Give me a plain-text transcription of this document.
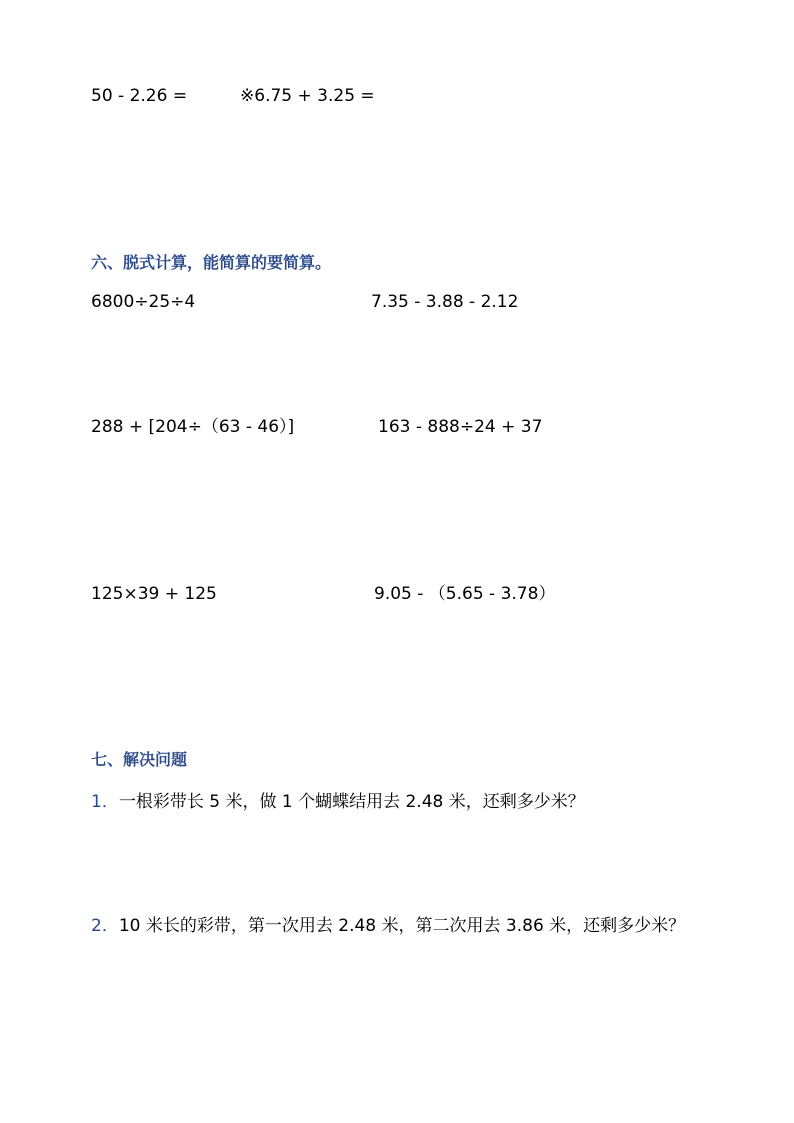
50 - 2.26 =	※6.75 + 3.25 =
六、脱式计算，能简算的要简算。
6800÷25÷4	7.35 - 3.88 - 2.12
288 + [204÷（63 - 46）]	163 - 888÷24 + 37
125×39 + 125	9.05 - （5.65 - 3.78）
七、解决问题
1．一根彩带长 5 米，做 1 个蝴蝶结用去 2.48 米，还剩多少米？
2．10 米长的彩带，第一次用去 2.48 米，第二次用去 3.86 米，还剩多少米？
